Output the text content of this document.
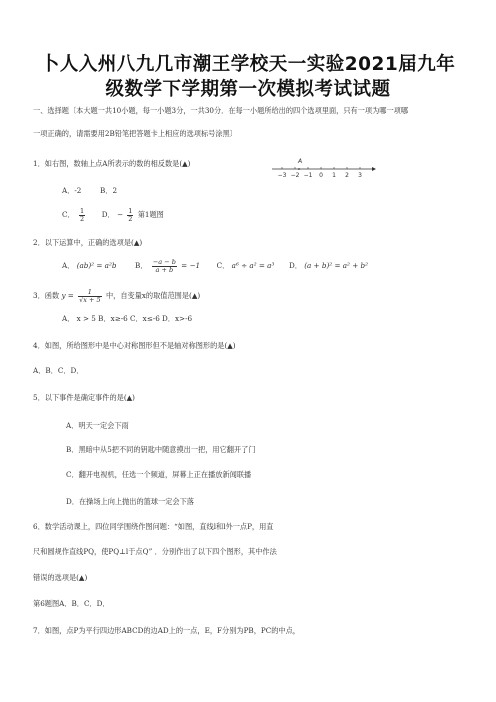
卜人入州八九几市潮王学校天一实验2021届九年
级数学下学期第一次模拟考试试题
一、选择题〔本大题一共10小题，每一小题3分，一共30分．在每一小题所给出的四个选项里面，只有一项为哪一项哪
一项正确的，请需要用2B铅笔把答题卡上相应的选项标号涂黑〕
1．如右图，数轴上点A所表示的数的相反数是(▲)
−3 −2 −1 0 1 2 3
A
A．-2	B．2
C． $\frac{1}{2}$ D． − $\frac{1}{2}$ 第1题图
2．以下运算中，正确的选项是(▲)
A． (ab)² = a²b	B． $\frac{-a - b}{a + b} = -1$ C． a⁶ ÷ a² = a³ D． (a + b)² = a² + b²
3．函数 $y = \frac{1}{√x + 5}$ 中，自变量x的取值范围是(▲)
A． x > 5 B．x≥-6 C．x≤-6 D．x>-6
4．如图，所给图形中是中心对称图形但不是轴对称图形的是(▲)
A．B．C．D．
5．以下事件是确定事件的是(▲)
A．明天一定会下雨
B．黑暗中从5把不同的钥匙中随意摸出一把，用它翻开了门
C．翻开电视机，任选一个频道，屏幕上正在播放新闻联播
D．在操场上向上抛出的篮球一定会下落
6．数学活动课上，四位同学围绕作图问题：“如图，直线l和l外一点P，用直
尺和圆规作直线PQ，使PQ⊥l于点Q” ．分别作出了以下四个图形，其中作法
错误的选项是(▲)
第6题图A．B．C．D．
7．如图，点P为平行四边形ABCD的边AD上的一点，E，F分别为PB，PC的中点，
